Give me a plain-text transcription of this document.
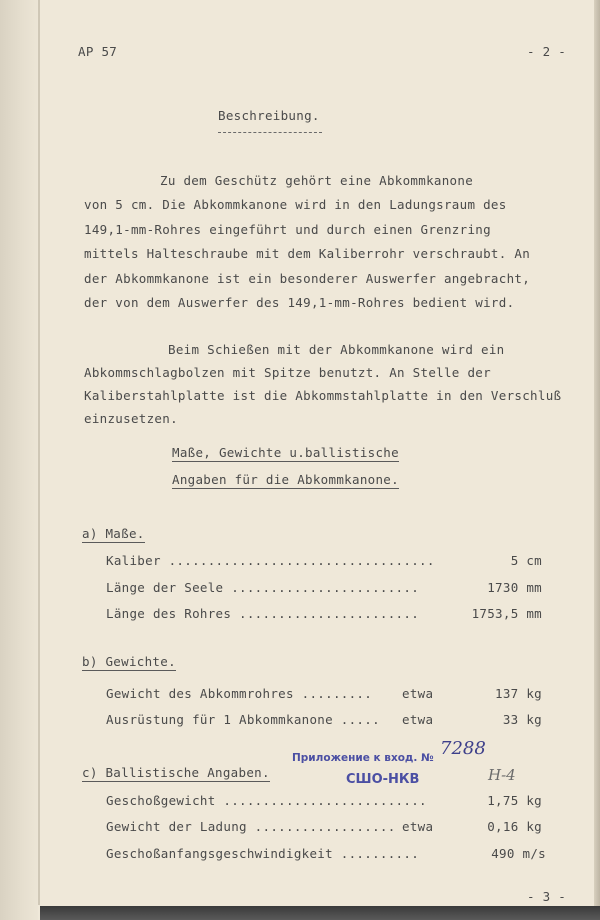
AP 57	- 2 -
Beschreibung.
Zu dem Geschütz gehört eine Abkommkanone
von 5 cm. Die Abkommkanone wird in den Ladungsraum des
149,1-mm-Rohres eingeführt und durch einen Grenzring
mittels Halteschraube mit dem Kaliberrohr verschraubt. An
der Abkommkanone ist ein besonderer Auswerfer angebracht,
der von dem Auswerfer des 149,1-mm-Rohres bedient wird.
Beim Schießen mit der Abkommkanone wird ein
Abkommschlagbolzen mit Spitze benutzt. An Stelle der
Kaliberstahlplatte ist die Abkommstahlplatte in den Verschluß
einzusetzen.
Maße, Gewichte u.ballistische
Angaben für die Abkommkanone.
a) Maße.
Kaliber ..................................	5 cm
Länge der Seele ........................	1730 mm
Länge des Rohres .......................	1753,5 mm
b) Gewichte.
Gewicht des Abkommrohres ......... etwa	137 kg
Ausrüstung für 1 Abkommkanone ..... etwa	33 kg
c) Ballistische Angaben.
Geschoßgewicht ..........................	1,75 kg
Gewicht der Ladung .................. etwa	0,16 kg
Geschoßanfangsgeschwindigkeit ..........	490 m/s
Приложение к вход. №
СШО-НКВ
7288
Н-4
- 3 -
